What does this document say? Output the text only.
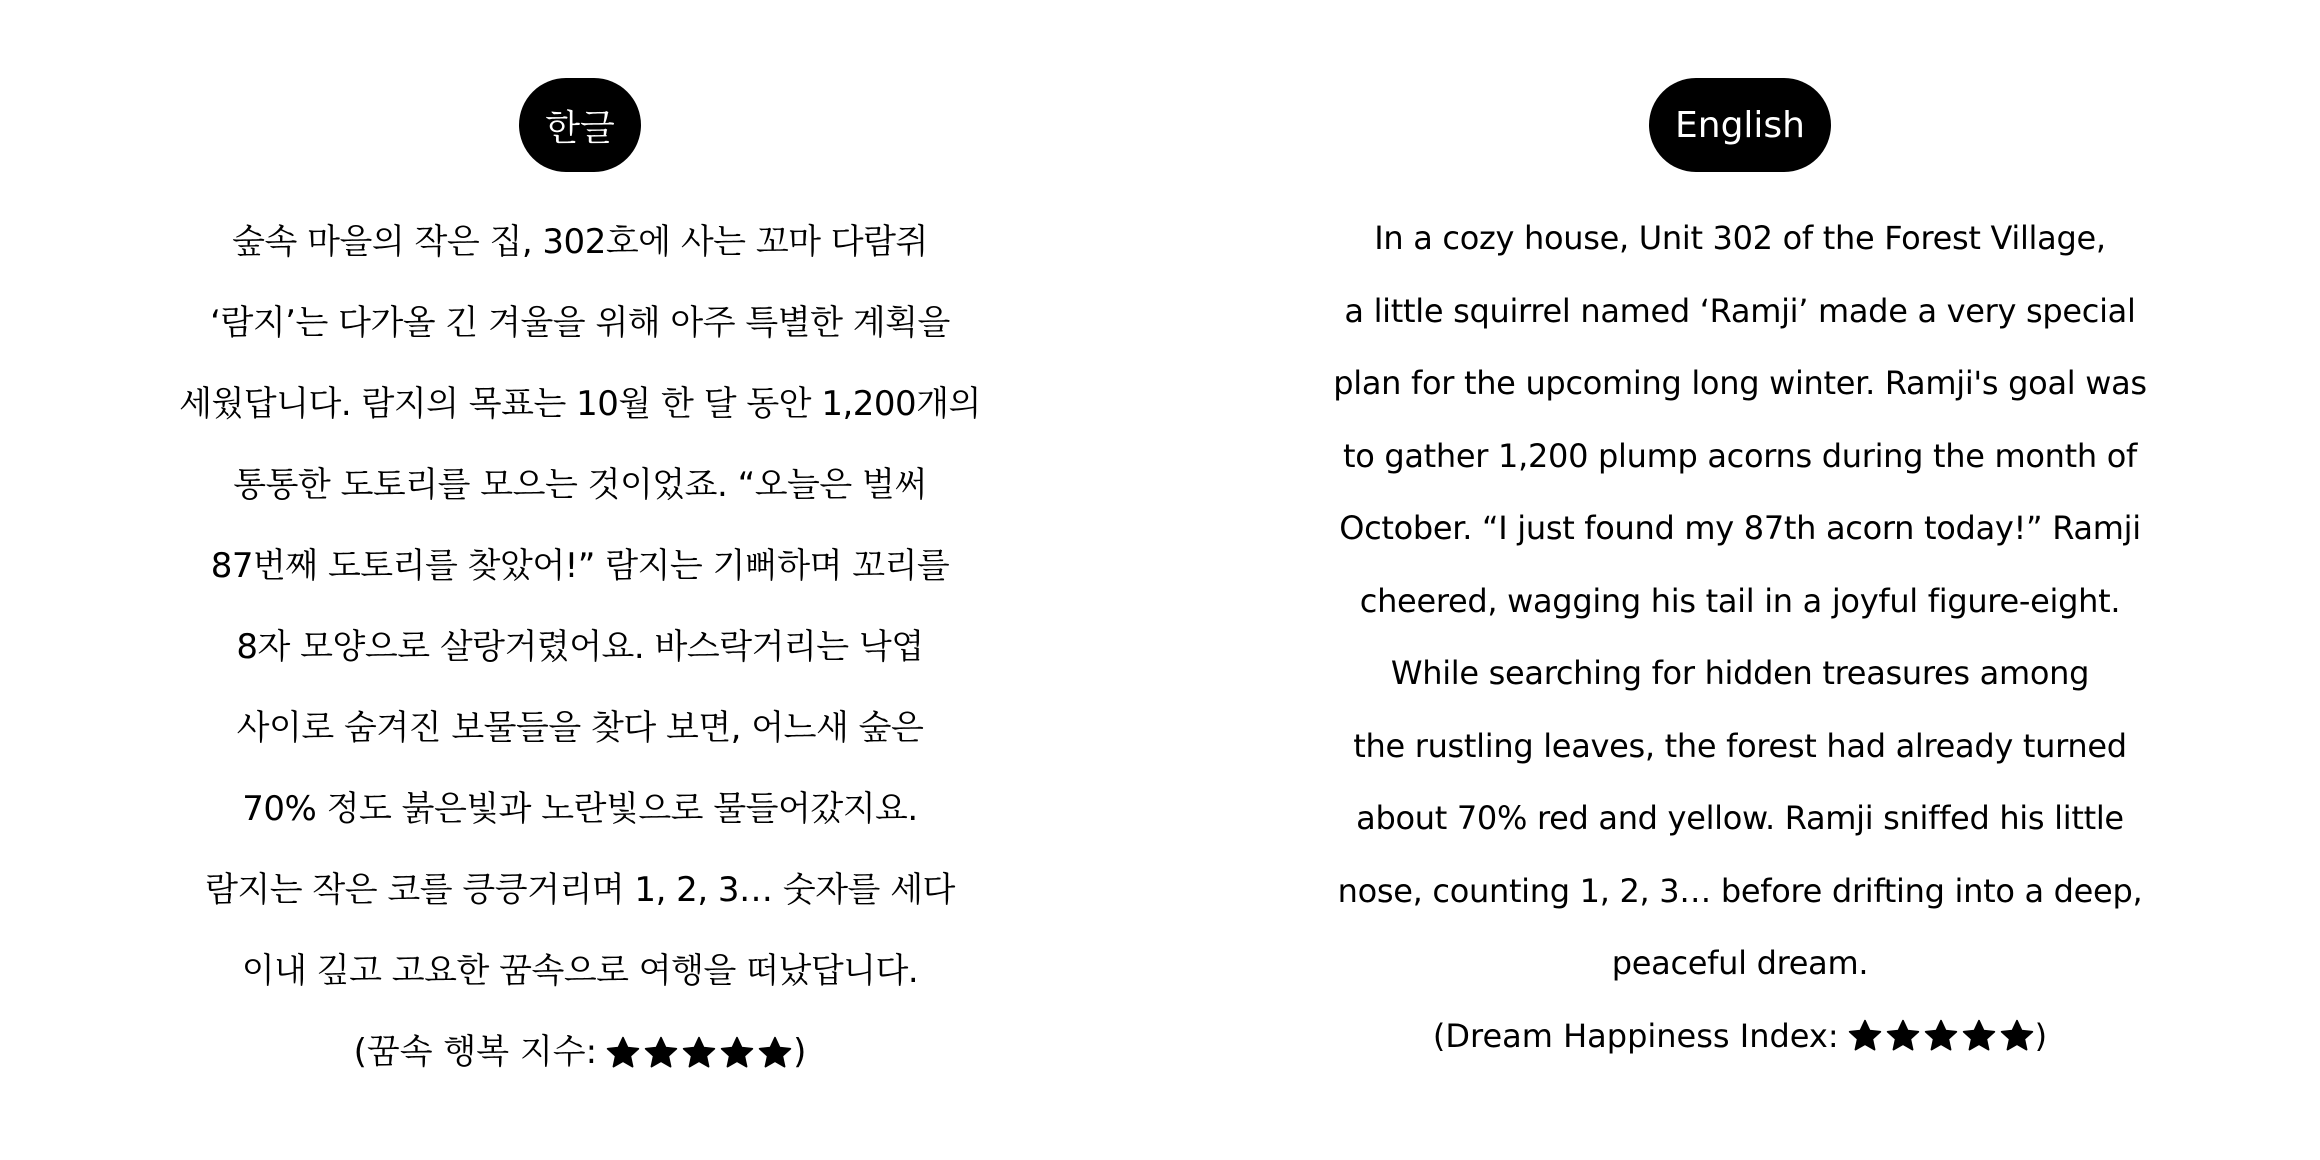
한글
숲속 마을의 작은 집, 302호에 사는 꼬마 다람쥐
‘람지’는 다가올 긴 겨울을 위해 아주 특별한 계획을
세웠답니다. 람지의 목표는 10월 한 달 동안 1,200개의
통통한 도토리를 모으는 것이었죠. “오늘은 벌써
87번째 도토리를 찾았어!” 람지는 기뻐하며 꼬리를
8자 모양으로 살랑거렸어요. 바스락거리는 낙엽
사이로 숨겨진 보물들을 찾다 보면, 어느새 숲은
70% 정도 붉은빛과 노란빛으로 물들어갔지요.
람지는 작은 코를 킁킁거리며 1, 2, 3… 숫자를 세다
이내 깊고 고요한 꿈속으로 여행을 떠났답니다.
(꿈속 행복 지수:	)
English
In a cozy house, Unit 302 of the Forest Village,
a little squirrel named ‘Ramji’ made a very special
plan for the upcoming long winter. Ramji's goal was
to gather 1,200 plump acorns during the month of
October. “I just found my 87th acorn today!” Ramji
cheered, wagging his tail in a joyful figure-eight.
While searching for hidden treasures among
the rustling leaves, the forest had already turned
about 70% red and yellow. Ramji sniffed his little
nose, counting 1, 2, 3… before drifting into a deep,
peaceful dream.
(Dream Happiness Index:	)
